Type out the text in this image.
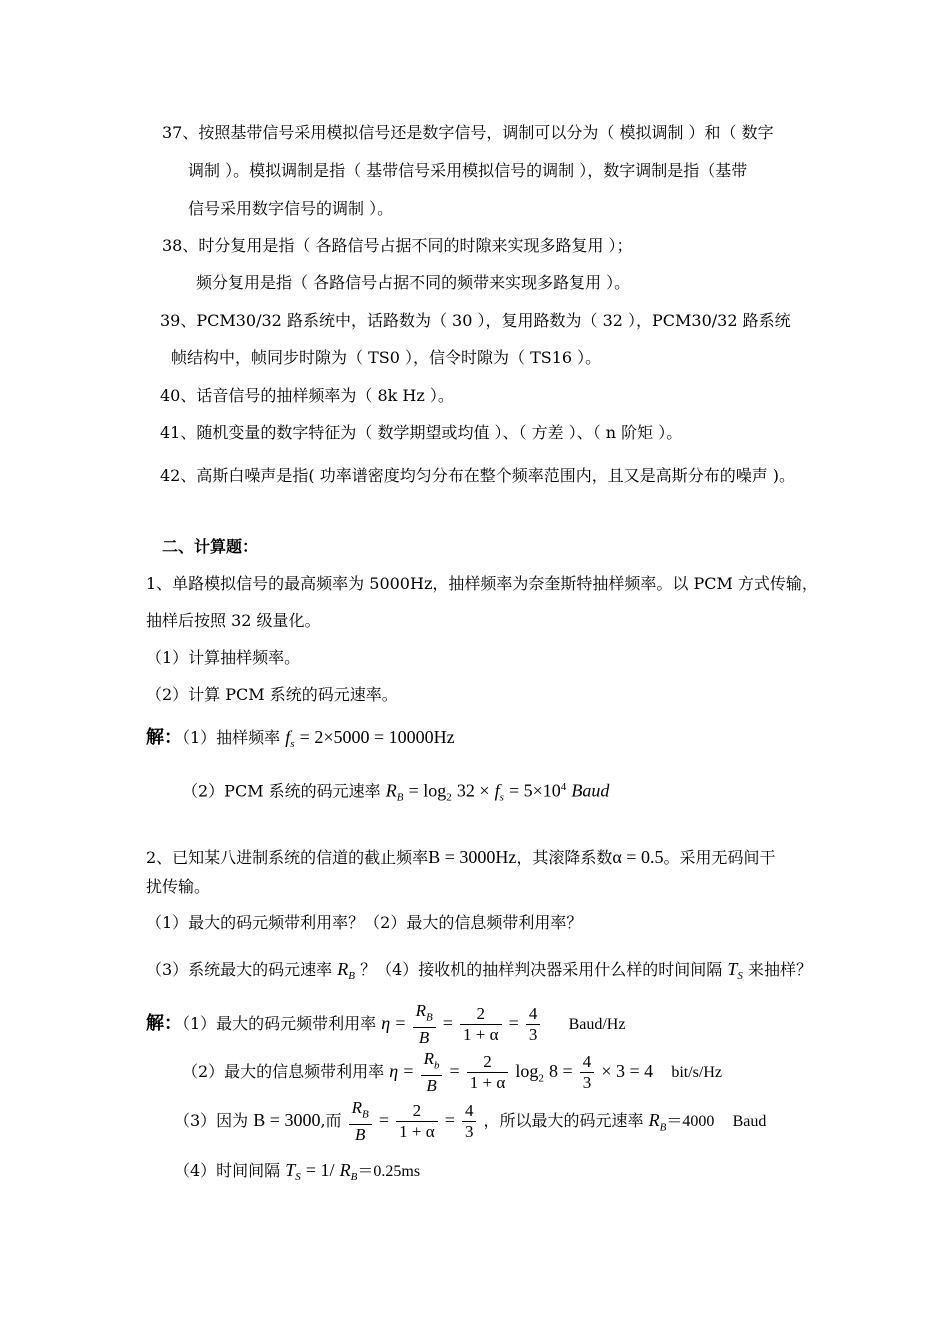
37、按照基带信号采用模拟信号还是数字信号，调制可以分为（ 模拟调制 ）和（ 数字
调制 ）。模拟调制是指（ 基带信号采用模拟信号的调制 ），数字调制是指（基带
信号采用数字信号的调制 ）。
38、时分复用是指（ 各路信号占据不同的时隙来实现多路复用 ）；
频分复用是指（ 各路信号占据不同的频带来实现多路复用 ）。
39、PCM30/32 路系统中，话路数为（ 30 ），复用路数为（ 32 ），PCM30/32 路系统
帧结构中，帧同步时隙为（ TS0 ），信令时隙为（ TS16 ）。
40、话音信号的抽样频率为（ 8k Hz ）。
41、随机变量的数字特征为（ 数学期望或均值 ）、（ 方差 ）、（ n 阶矩 ）。
42、高斯白噪声是指( 功率谱密度均匀分布在整个频率范围内，且又是高斯分布的噪声 )。
二、计算题：
1、单路模拟信号的最高频率为 5000Hz，抽样频率为奈奎斯特抽样频率。以 PCM 方式传输，
抽样后按照 32 级量化。
（1）计算抽样频率。
（2）计算 PCM 系统的码元速率。
解：（1）抽样频率 $f_s = 2\times 5000 = 10000Hz$
（2）PCM 系统的码元速率 $R_B = \log_2 32 \times f_s = 5\times 10^4$ Baud
2、已知某八进制系统的信道的截止频率B = 3000Hz，其滚降系数α = 0.5。采用无码间干
扰传输。
（1）最大的码元频带利用率？（2）最大的信息频带利用率？
（3）系统最大的码元速率 $R_B$ ？（4）接收机的抽样判决器采用什么样的时间间隔 $T_S$ 来抽样？
解：（1）最大的码元频带利用率 $\eta = \frac{R_B}{B} = \frac{2}{1 + \alpha} = \frac{4}{3}$ Baud/Hz
（2）最大的信息频带利用率 $\eta = \frac{R_b}{B} = \frac{2}{1 + \alpha} \log_2 8 = \frac{4}{3} \times 3 = 4$ bit/s/Hz
（3）因为 B = 3000,而 $\frac{R_B}{B} = \frac{2}{1 + \alpha} = \frac{4}{3}$ ，所以最大的码元速率 $R_B=4000$ Baud
（4）时间间隔 $T_S = 1/$ $R_B=0.25ms$
